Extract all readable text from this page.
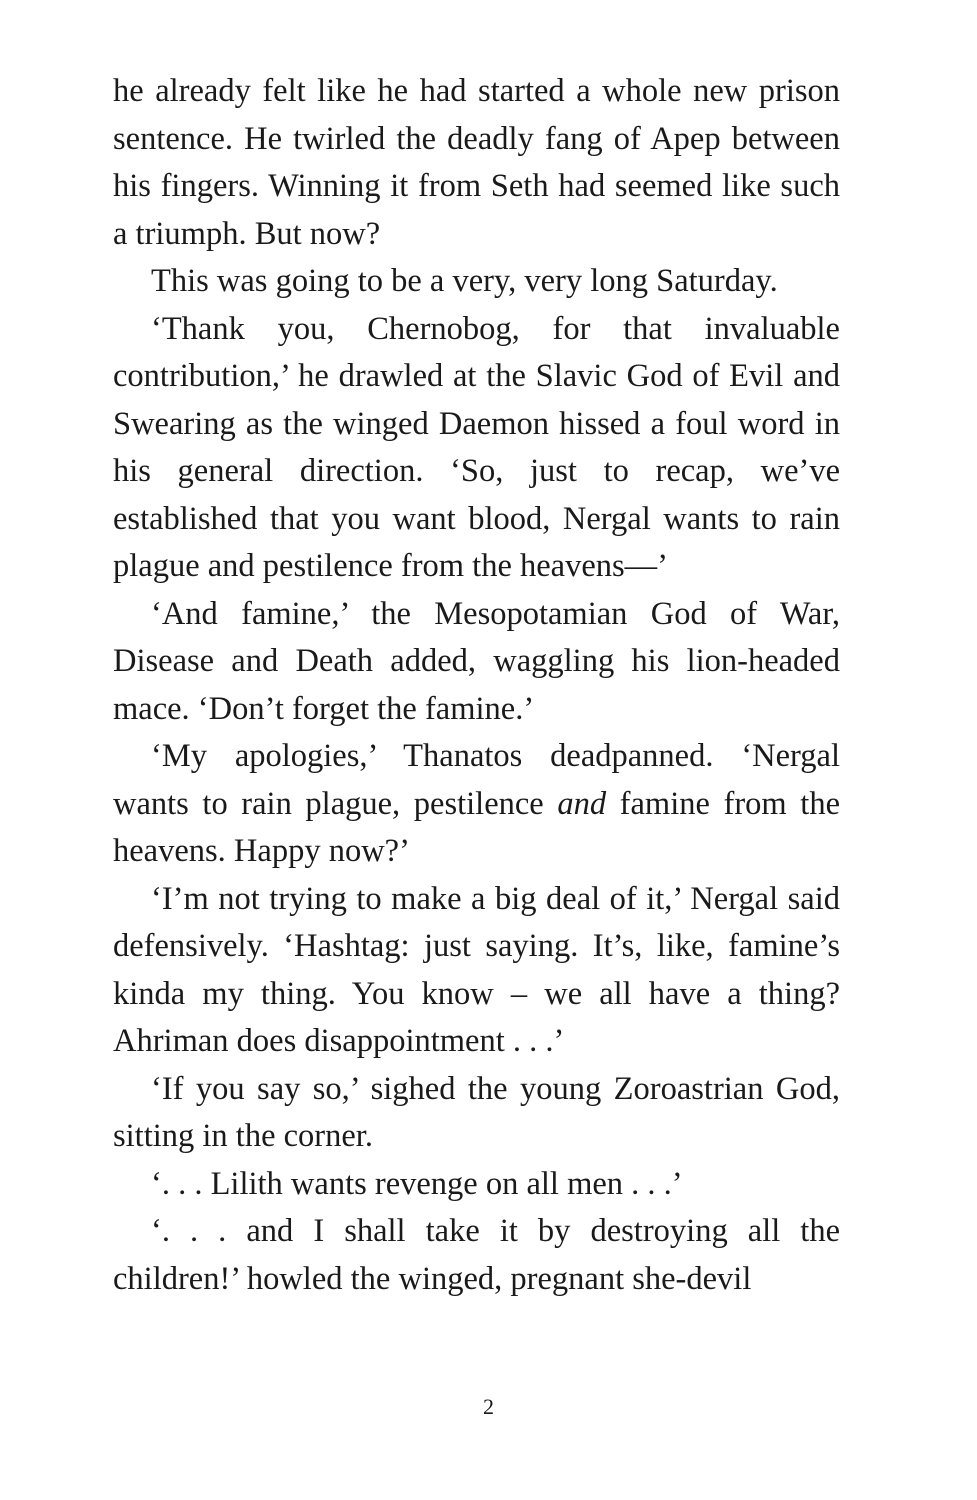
he already felt like he had started a whole new prison sentence. He twirled the deadly fang of Apep between his fingers. Winning it from Seth had seemed like such a triumph. But now?

This was going to be a very, very long Saturday.

‘Thank you, Chernobog, for that invaluable contribution,’ he drawled at the Slavic God of Evil and Swearing as the winged Daemon hissed a foul word in his general direction. ‘So, just to recap, we’ve established that you want blood, Nergal wants to rain plague and pestilence from the heavens—’

‘And famine,’ the Mesopotamian God of War, Disease and Death added, waggling his lion-headed mace. ‘Don’t forget the famine.’

‘My apologies,’ Thanatos deadpanned. ‘Nergal wants to rain plague, pestilence and famine from the heavens. Happy now?’

‘I’m not trying to make a big deal of it,’ Nergal said defensively. ‘Hashtag: just saying. It’s, like, famine’s kinda my thing. You know – we all have a thing? Ahriman does disappointment . . .’

‘If you say so,’ sighed the young Zoroastrian God, sitting in the corner.

‘. . . Lilith wants revenge on all men . . .’

‘. . . and I shall take it by destroying all the children!’ howled the winged, pregnant she-devil

2
